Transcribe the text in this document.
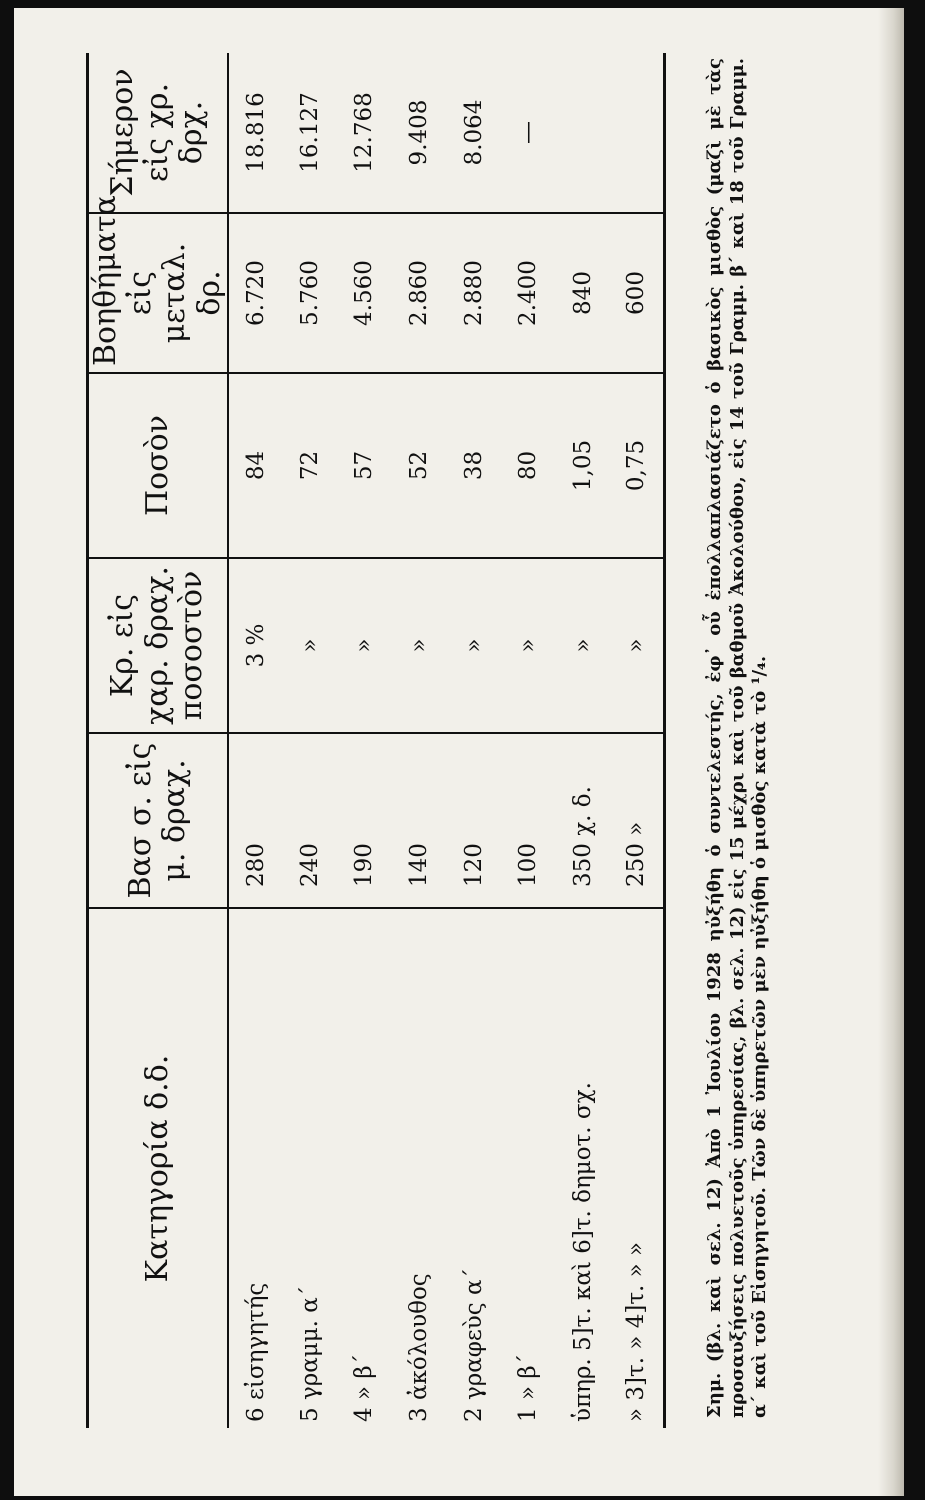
Κατηγορία δ.δ.	Βασ σ. εἰς μ. δραχ.	Κρ. εἰς χαρ. δραχ. ποσοστὸν	Ποσὸν	Βοηθήματα εἰς μεταλ. δρ.	Σήμερον εἰς χρ. δρχ.
6 εἰσηγητής	280	3 %	84	6.720	18.816
5 γραμμ. α΄	240	»	72	5.760	16.127
4 » β΄	190	»	57	4.560	12.768
3 ἀκόλουθος	140	»	52	2.860	9.408
2 γραφεὺς α΄	120	»	38	2.880	8.064
1 » β΄	100	»	80	2.400	—
ὑπηρ. 5]τ. καὶ 6]τ. δημοτ. σχ.	350 χ. δ.	»	1,05	840	
» 3]τ. » 4]τ. » »	250 »	»	0,75	600		Σημ. (βλ. καὶ σελ. 12) Ἀπὸ 1 Ἰουλίου 1928 ηὐξήθη ὁ συντελεστής, ἐφ᾽ οὗ ἐπολλαπλασιάζετο ὁ βασικὸς μισθὸς (μαζὶ μὲ τὰς προσαυξήσεις πολυετοῦς ὑπηρεσίας, βλ. σελ. 12) εἰς 15 μέχρι καὶ τοῦ βαθμοῦ Ἀκολούθου, εἰς 14 τοῦ Γραμμ. β΄ καὶ 18 τοῦ Γραμμ. α΄ καὶ τοῦ Εἰσηγητοῦ. Τῶν δὲ ὑπηρετῶν μὲν ηὐξήθη ὁ μισθὸς κατὰ τὸ ¹/₄.
